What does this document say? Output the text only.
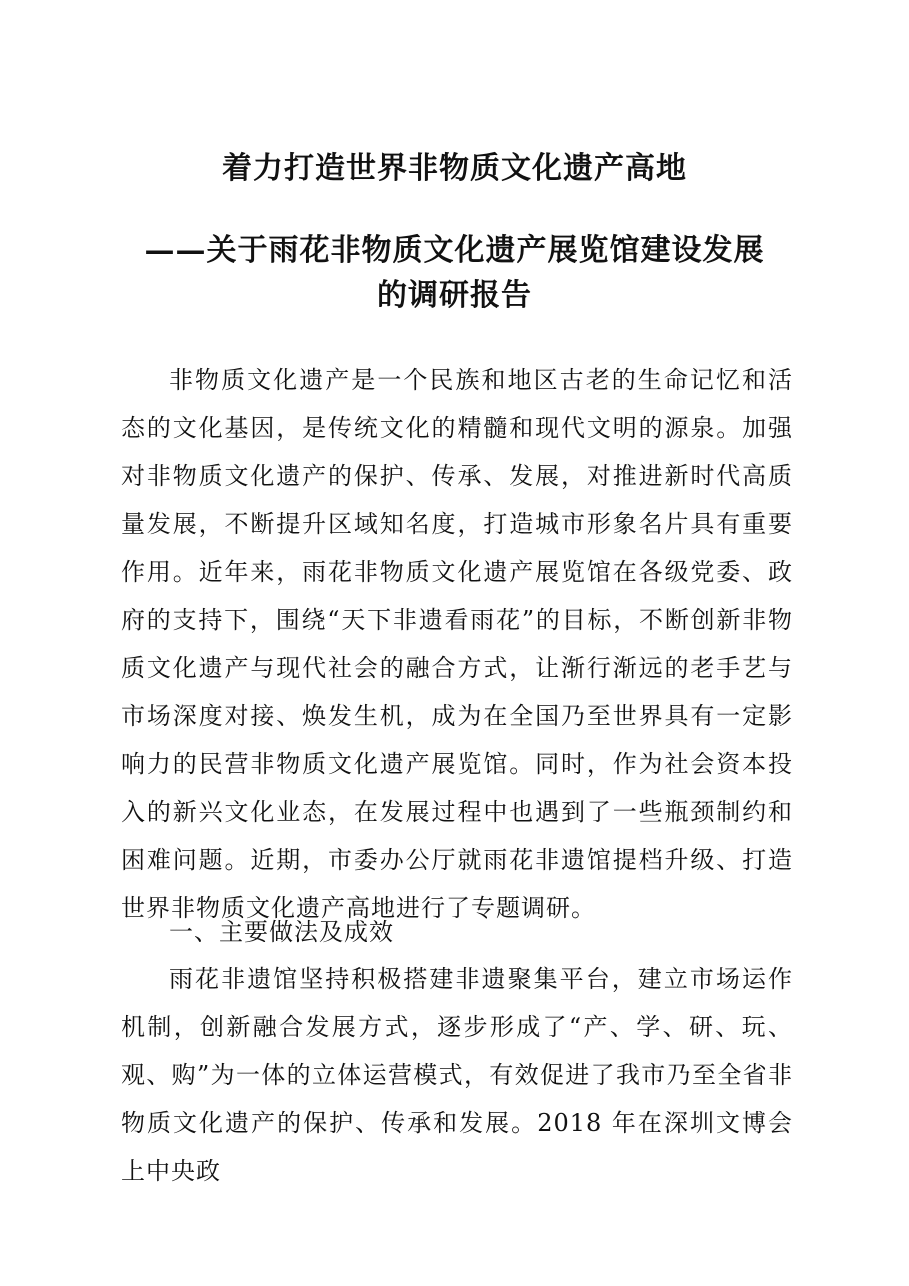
着力打造世界非物质文化遗产高地
——关于雨花非物质文化遗产展览馆建设发展
的调研报告
非物质文化遗产是一个民族和地区古老的生命记忆和活态的文化基因，是传统文化的精髓和现代文明的源泉。加强对非物质文化遗产的保护、传承、发展，对推进新时代高质量发展，不断提升区域知名度，打造城市形象名片具有重要作用。近年来，雨花非物质文化遗产展览馆在各级党委、政府的支持下，围绕“天下非遗看雨花”的目标，不断创新非物质文化遗产与现代社会的融合方式，让渐行渐远的老手艺与市场深度对接、焕发生机，成为在全国乃至世界具有一定影响力的民营非物质文化遗产展览馆。同时，作为社会资本投入的新兴文化业态，在发展过程中也遇到了一些瓶颈制约和困难问题。近期，市委办公厅就雨花非遗馆提档升级、打造世界非物质文化遗产高地进行了专题调研。
一、主要做法及成效
雨花非遗馆坚持积极搭建非遗聚集平台，建立市场运作机制，创新融合发展方式，逐步形成了“产、学、研、玩、观、购”为一体的立体运营模式，有效促进了我市乃至全省非物质文化遗产的保护、传承和发展。2018 年在深圳文博会上中央政
